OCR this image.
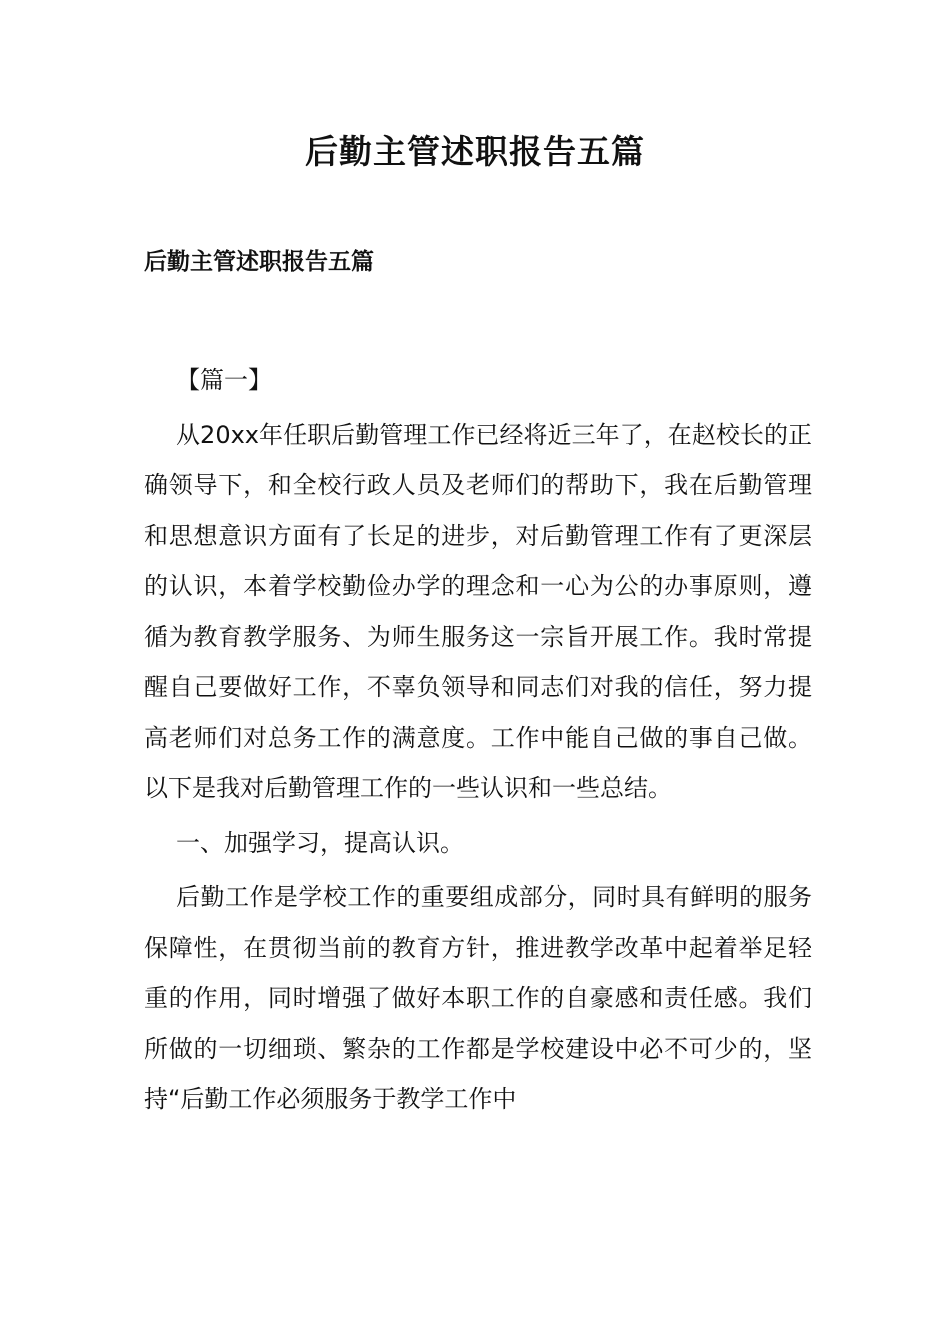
后勤主管述职报告五篇
后勤主管述职报告五篇

【篇一】

从20xx年任职后勤管理工作已经将近三年了，在赵校长的正确领导下，和全校行政人员及老师们的帮助下，我在后勤管理和思想意识方面有了长足的进步，对后勤管理工作有了更深层的认识，本着学校勤俭办学的理念和一心为公的办事原则，遵循为教育教学服务、为师生服务这一宗旨开展工作。我时常提醒自己要做好工作，不辜负领导和同志们对我的信任，努力提高老师们对总务工作的满意度。工作中能自己做的事自己做。以下是我对后勤管理工作的一些认识和一些总结。

一、加强学习，提高认识。

后勤工作是学校工作的重要组成部分，同时具有鲜明的服务保障性，在贯彻当前的教育方针，推进教学改革中起着举足轻重的作用，同时增强了做好本职工作的自豪感和责任感。我们所做的一切细琐、繁杂的工作都是学校建设中必不可少的，坚持“后勤工作必须服务于教学工作中
